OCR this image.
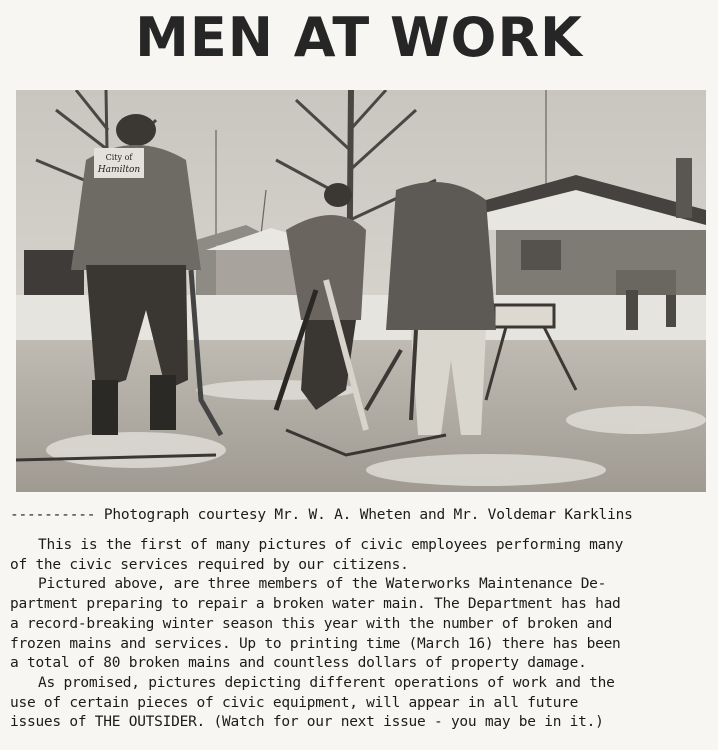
MEN AT WORK
City of
Hamilton
---------- Photograph courtesy Mr. W. A. Wheten and Mr. Voldemar Karklins
This is the first of many pictures of civic employees performing many
of the civic services required by our citizens.
Pictured above, are three members of the Waterworks Maintenance De-
partment preparing to repair a broken water main. The Department has had
a record-breaking winter season this year with the number of broken and
frozen mains and services. Up to printing time (March 16) there has been
a total of 80 broken mains and countless dollars of property damage.
As promised, pictures depicting different operations of work and the
use of certain pieces of civic equipment, will appear in all future
issues of THE OUTSIDER. (Watch for our next issue - you may be in it.)
